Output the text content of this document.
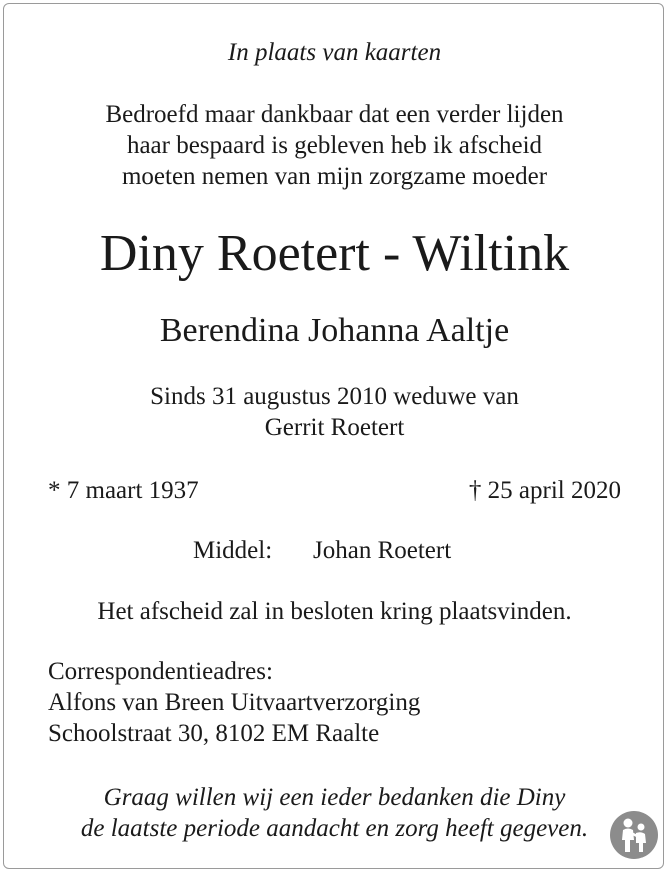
In plaats van kaarten
Bedroefd maar dankbaar dat een verder lijden
haar bespaard is gebleven heb ik afscheid
moeten nemen van mijn zorgzame moeder
Diny Roetert - Wiltink
Berendina Johanna Aaltje
Sinds 31 augustus 2010 weduwe van
Gerrit Roetert
* 7 maart 1937	† 25 april 2020
Middel: Johan Roetert
Het afscheid zal in besloten kring plaatsvinden.
Correspondentieadres:
Alfons van Breen Uitvaartverzorging
Schoolstraat 30, 8102 EM Raalte
Graag willen wij een ieder bedanken die Diny
de laatste periode aandacht en zorg heeft gegeven.
